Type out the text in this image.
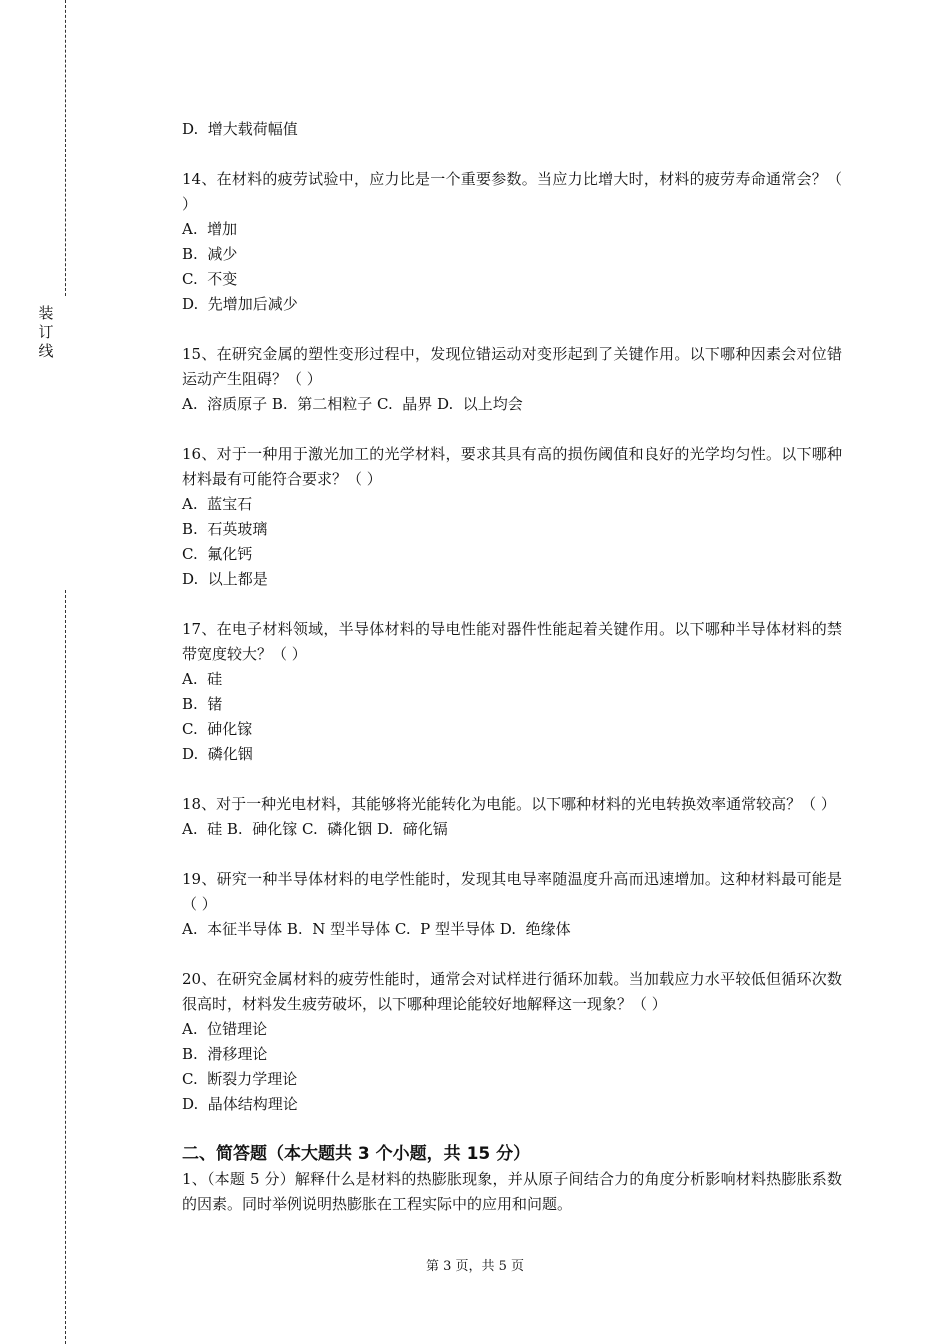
装
订
线

D.  增大载荷幅值

14、在材料的疲劳试验中，应力比是一个重要参数。当应力比增大时，材料的疲劳寿命通常会？（ ）

A.  增加

B.  减少

C.  不变

D.  先增加后减少

15、在研究金属的塑性变形过程中，发现位错运动对变形起到了关键作用。以下哪种因素会对位错运动产生阻碍？（ ）

A.  溶质原子 B.  第二相粒子 C.  晶界 D.  以上均会

16、对于一种用于激光加工的光学材料，要求其具有高的损伤阈值和良好的光学均匀性。以下哪种材料最有可能符合要求？（ ）

A.  蓝宝石

B.  石英玻璃

C.  氟化钙

D.  以上都是

17、在电子材料领域，半导体材料的导电性能对器件性能起着关键作用。以下哪种半导体材料的禁带宽度较大？（ ）

A.  硅

B.  锗

C.  砷化镓

D.  磷化铟

18、对于一种光电材料，其能够将光能转化为电能。以下哪种材料的光电转换效率通常较高？（ ）

A.  硅 B.  砷化镓 C.  磷化铟 D.  碲化镉

19、研究一种半导体材料的电学性能时，发现其电导率随温度升高而迅速增加。这种材料最可能是（ ）

A.  本征半导体 B.  N 型半导体 C.  P 型半导体 D.  绝缘体

20、在研究金属材料的疲劳性能时，通常会对试样进行循环加载。当加载应力水平较低但循环次数很高时，材料发生疲劳破坏，以下哪种理论能较好地解释这一现象？（ ）

A.  位错理论

B.  滑移理论

C.  断裂力学理论

D.  晶体结构理论

二、简答题（本大题共 3 个小题，共 15 分）

1、（本题 5 分）解释什么是材料的热膨胀现象，并从原子间结合力的角度分析影响材料热膨胀系数的因素。同时举例说明热膨胀在工程实际中的应用和问题。

第 3 页，共 5 页
